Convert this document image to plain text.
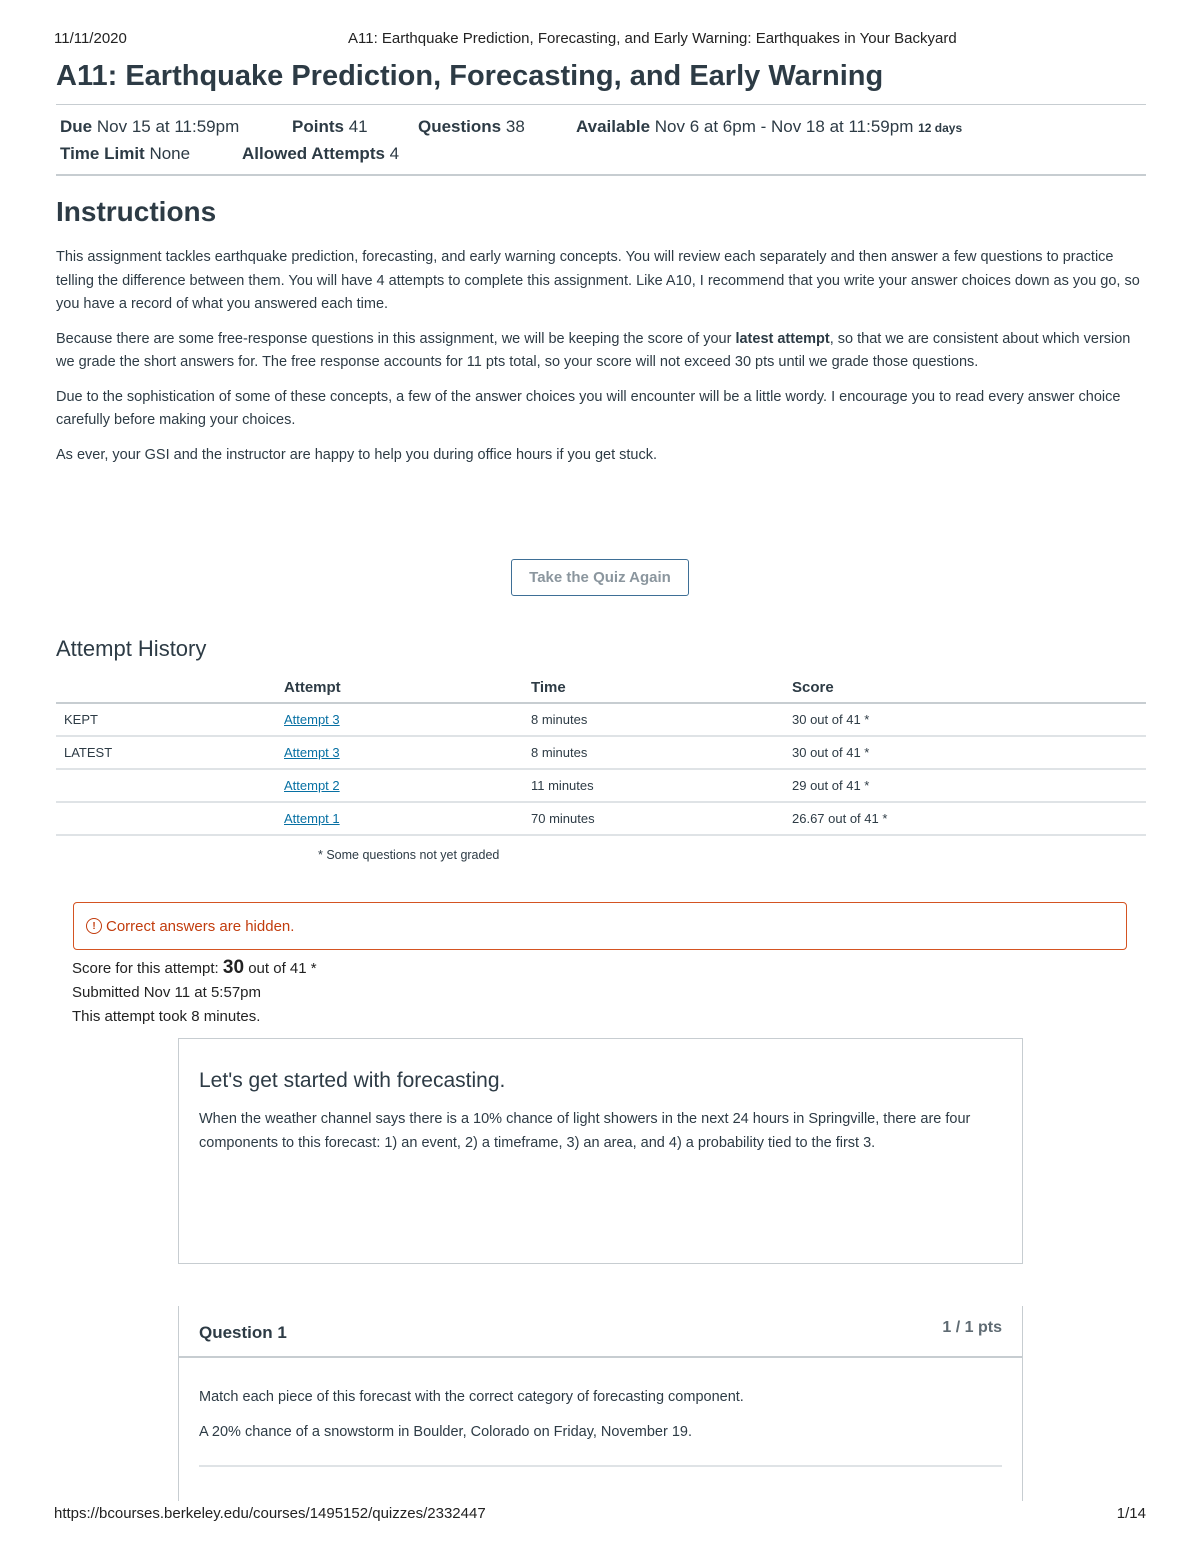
11/11/2020	A11: Earthquake Prediction, Forecasting, and Early Warning: Earthquakes in Your Backyard
A11: Earthquake Prediction, Forecasting, and Early Warning
Due Nov 15 at 11:59pm	Points 41	Questions 38	Available Nov 6 at 6pm - Nov 18 at 11:59pm 12 days
Time Limit None	Allowed Attempts 4
Instructions

This assignment tackles earthquake prediction, forecasting, and early warning concepts. You will review each separately and then answer a few questions to practice telling the difference between them. You will have 4 attempts to complete this assignment. Like A10, I recommend that you write your answer choices down as you go, so you have a record of what you answered each time.

Because there are some free-response questions in this assignment, we will be keeping the score of your latest attempt, so that we are consistent about which version we grade the short answers for. The free response accounts for 11 pts total, so your score will not exceed 30 pts until we grade those questions.

Due to the sophistication of some of these concepts, a few of the answer choices you will encounter will be a little wordy. I encourage you to read every answer choice carefully before making your choices.

As ever, your GSI and the instructor are happy to help you during office hours if you get stuck.

Take the Quiz Again
Attempt History
	Attempt	Time	Score
KEPT	Attempt 3	8 minutes	30 out of 41 *
LATEST	Attempt 3	8 minutes	30 out of 41 *
	Attempt 2	11 minutes	29 out of 41 *
	Attempt 1	70 minutes	26.67 out of 41 *
* Some questions not yet graded
! Correct answers are hidden.
Score for this attempt: 30 out of 41 *
Submitted Nov 11 at 5:57pm
This attempt took 8 minutes.
Let's get started with forecasting.

When the weather channel says there is a 10% chance of light showers in the next 24 hours in Springville, there are four components to this forecast: 1) an event, 2) a timeframe, 3) an area, and 4) a probability tied to the first 3.

Question 1	1 / 1 pts

Match each piece of this forecast with the correct category of forecasting component.

A 20% chance of a snowstorm in Boulder, Colorado on Friday, November 19.

https://bcourses.berkeley.edu/courses/1495152/quizzes/2332447	1/14
